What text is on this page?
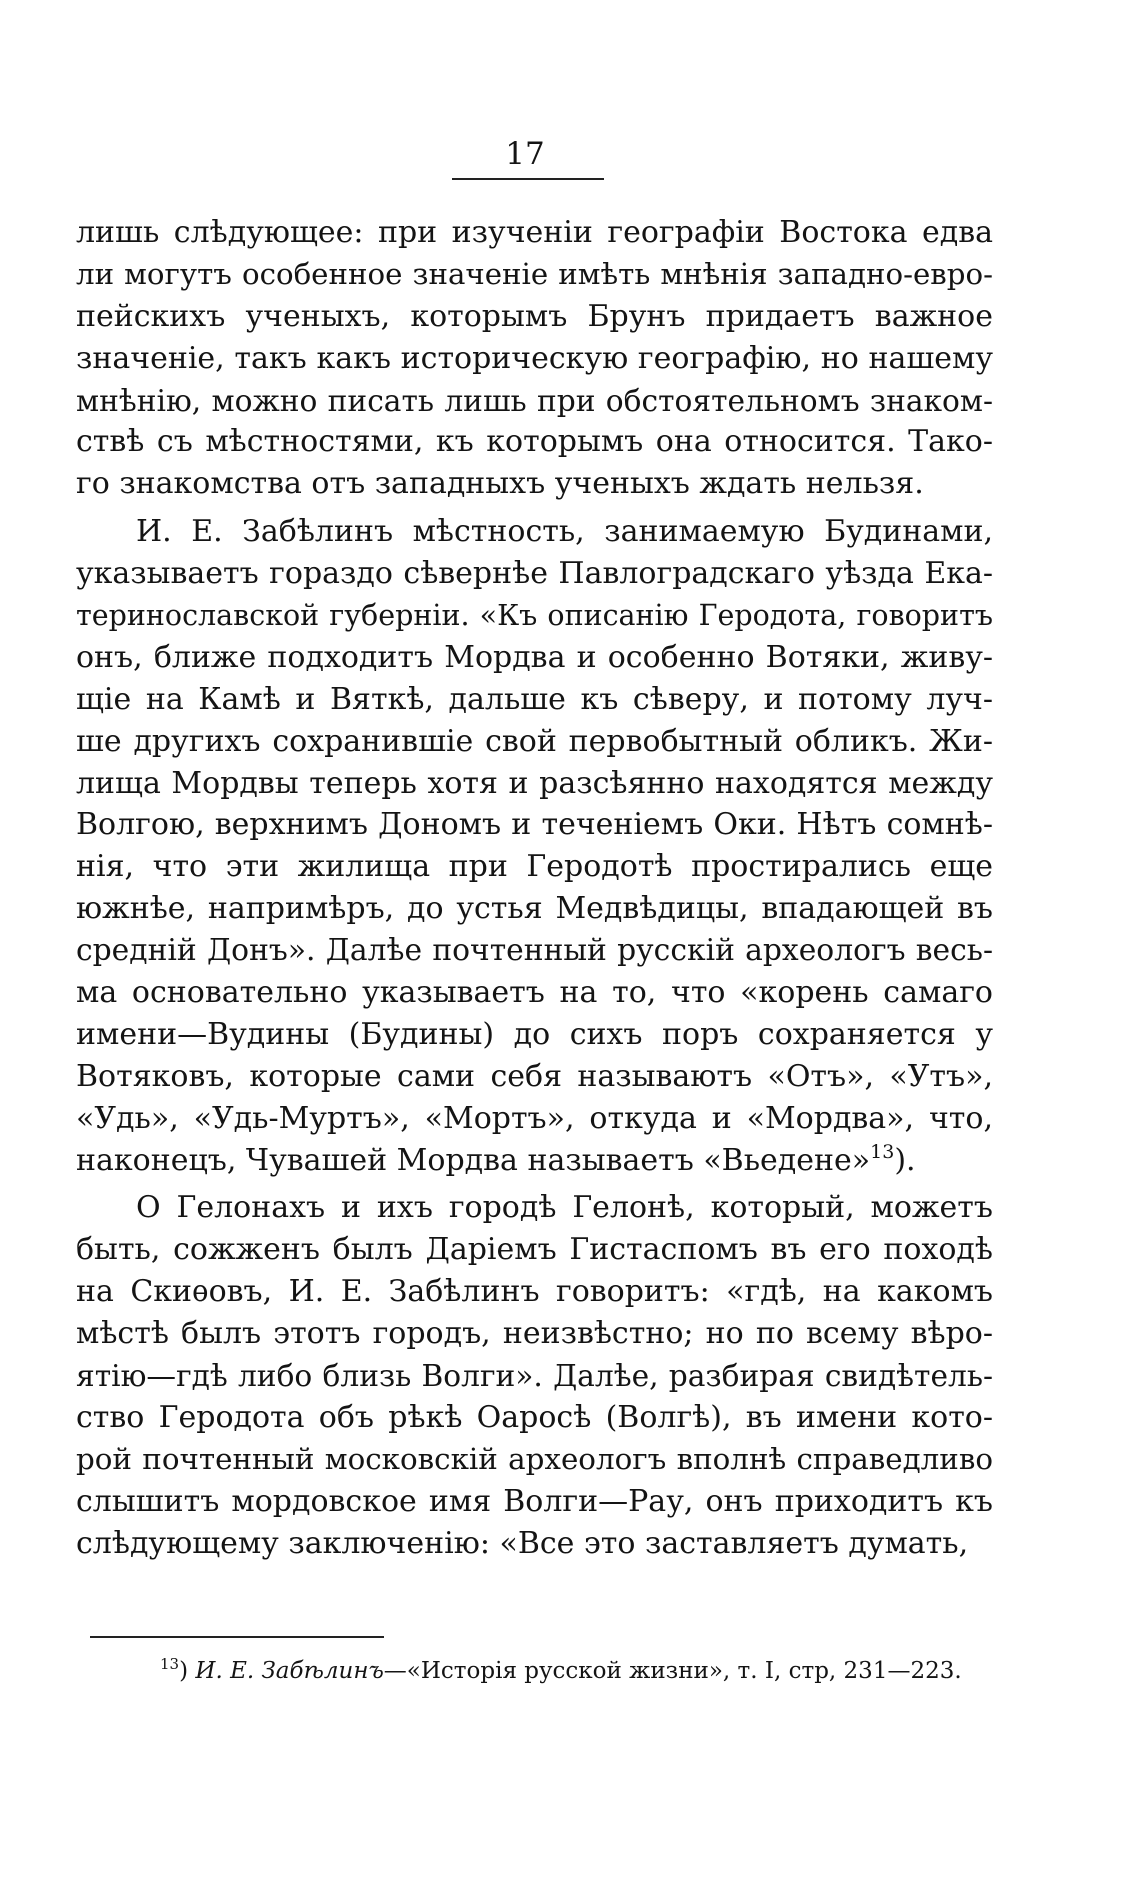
17
лишь слѣдующее: при изученіи географіи Востока едва
ли могутъ особенное значеніе имѣть мнѣнія западно-евро-
пейскихъ ученыхъ, которымъ Брунъ придаетъ важное
значеніе, такъ какъ историческую географію, но нашему
мнѣнію, можно писать лишь при обстоятельномъ знаком-
ствѣ съ мѣстностями, къ которымъ она относится. Тако-
го знакомства отъ западныхъ ученыхъ ждать нельзя.
И. Е. Забѣлинъ мѣстность, занимаемую Будинами,
указываетъ гораздо сѣвернѣе Павлоградскаго уѣзда Ека-
теринославской губерніи. «Къ описанію Геродота, говоритъ
онъ, ближе подходитъ Мордва и особенно Вотяки, живу-
щіе на Камѣ и Вяткѣ, дальше къ сѣверу, и потому луч-
ше другихъ сохранившіе свой первобытный обликъ. Жи-
лища Мордвы теперь хотя и разсѣянно находятся между
Волгою, верхнимъ Дономъ и теченіемъ Оки. Нѣтъ сомнѣ-
нія, что эти жилища при Геродотѣ простирались еще
южнѣе, напримѣръ, до устья Медвѣдицы, впадающей въ
средній Донъ». Далѣе почтенный русскій археологъ весь-
ма основательно указываетъ на то, что «корень самаго
имени—Вудины (Будины) до сихъ поръ сохраняется у
Вотяковъ, которые сами себя называютъ «Отъ», «Утъ»,
«Удь», «Удь-Муртъ», «Мортъ», откуда и «Мордва», что,
наконецъ, Чувашей Мордва называетъ «Вьедене»$^{13}$).
О Гелонахъ и ихъ городѣ Гелонѣ, который, можетъ
быть, сожженъ былъ Даріемъ Гистаспомъ въ его походѣ
на Скиѳовъ, И. Е. Забѣлинъ говоритъ: «гдѣ, на какомъ
мѣстѣ былъ этотъ городъ, неизвѣстно; но по всему вѣро-
ятію—гдѣ либо близь Волги». Далѣе, разбирая свидѣтель-
ство Геродота объ рѣкѣ Оаросѣ (Волгѣ), въ имени кото-
рой почтенный московскій археологъ вполнѣ справедливо
слышитъ мордовское имя Волги—Рау, онъ приходитъ къ
слѣдующему заключенію: «Все это заставляетъ думать,
$^{13}$) И. Е. Забѣлинъ—«Исторія русской жизни», т. I, стр, 231—223.
